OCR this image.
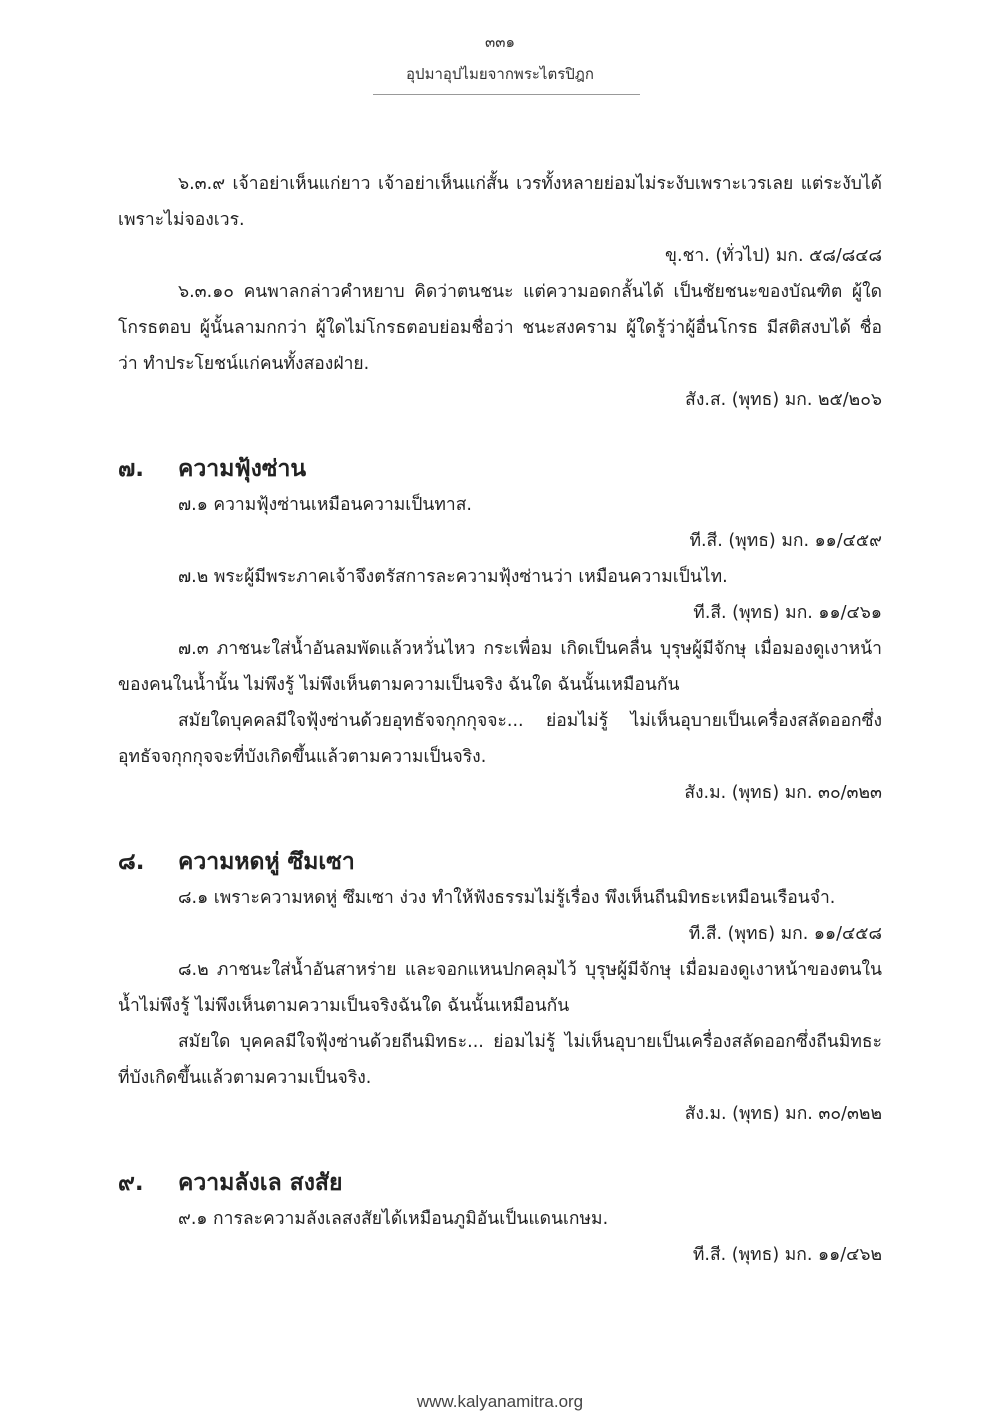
๓๓๑
อุปมาอุปไมยจากพระไตรปิฎก

๖.๓.๙ เจ้าอย่าเห็นแก่ยาว เจ้าอย่าเห็นแก่สั้น เวรทั้งหลายย่อมไม่ระงับเพราะเวรเลย แต่ระงับได้เพราะไม่จองเวร.

ขุ.ชา. (ทั่วไป) มก. ๕๘/๘๔๘

๖.๓.๑๐ คนพาลกล่าวคำหยาบ คิดว่าตนชนะ แต่ความอดกลั้นได้ เป็นชัยชนะของบัณฑิต ผู้ใดโกรธตอบ ผู้นั้นลามกกว่า ผู้ใดไม่โกรธตอบย่อมชื่อว่า ชนะสงคราม ผู้ใดรู้ว่าผู้อื่นโกรธ มีสติสงบได้ ชื่อว่า ทำประโยชน์แก่คนทั้งสองฝ่าย.

สัง.ส. (พุทธ) มก. ๒๕/๒๐๖

๗.	ความฟุ้งซ่าน

๗.๑ ความฟุ้งซ่านเหมือนความเป็นทาส.

ที.สี. (พุทธ) มก. ๑๑/๔๕๙

๗.๒ พระผู้มีพระภาคเจ้าจึงตรัสการละความฟุ้งซ่านว่า เหมือนความเป็นไท.

ที.สี. (พุทธ) มก. ๑๑/๔๖๑

๗.๓ ภาชนะใส่น้ำอันลมพัดแล้วหวั่นไหว กระเพื่อม เกิดเป็นคลื่น บุรุษผู้มีจักษุ เมื่อมองดูเงาหน้าของคนในน้ำนั้น ไม่พึงรู้ ไม่พึงเห็นตามความเป็นจริง ฉันใด ฉันนั้นเหมือนกัน

สมัยใดบุคคลมีใจฟุ้งซ่านด้วยอุทธัจจกุกกุจจะ... ย่อมไม่รู้ ไม่เห็นอุบายเป็นเครื่องสลัดออกซึ่งอุทธัจจกุกกุจจะที่บังเกิดขึ้นแล้วตามความเป็นจริง.

สัง.ม. (พุทธ) มก. ๓๐/๓๒๓

๘.	ความหดหู่ ซึมเซา

๘.๑ เพราะความหดหู่ ซึมเซา ง่วง ทำให้ฟังธรรมไม่รู้เรื่อง พึงเห็นถีนมิทธะเหมือนเรือนจำ.

ที.สี. (พุทธ) มก. ๑๑/๔๕๘

๘.๒ ภาชนะใส่น้ำอันสาหร่าย และจอกแหนปกคลุมไว้ บุรุษผู้มีจักษุ เมื่อมองดูเงาหน้าของตนในน้ำไม่พึงรู้ ไม่พึงเห็นตามความเป็นจริงฉันใด ฉันนั้นเหมือนกัน

สมัยใด บุคคลมีใจฟุ้งซ่านด้วยถีนมิทธะ... ย่อมไม่รู้ ไม่เห็นอุบายเป็นเครื่องสลัดออกซึ่งถีนมิทธะ ที่บังเกิดขึ้นแล้วตามความเป็นจริง.

สัง.ม. (พุทธ) มก. ๓๐/๓๒๒

๙.	ความลังเล สงสัย

๙.๑ การละความลังเลสงสัยได้เหมือนภูมิอันเป็นแดนเกษม.

ที.สี. (พุทธ) มก. ๑๑/๔๖๒

www.kalyanamitra.org
